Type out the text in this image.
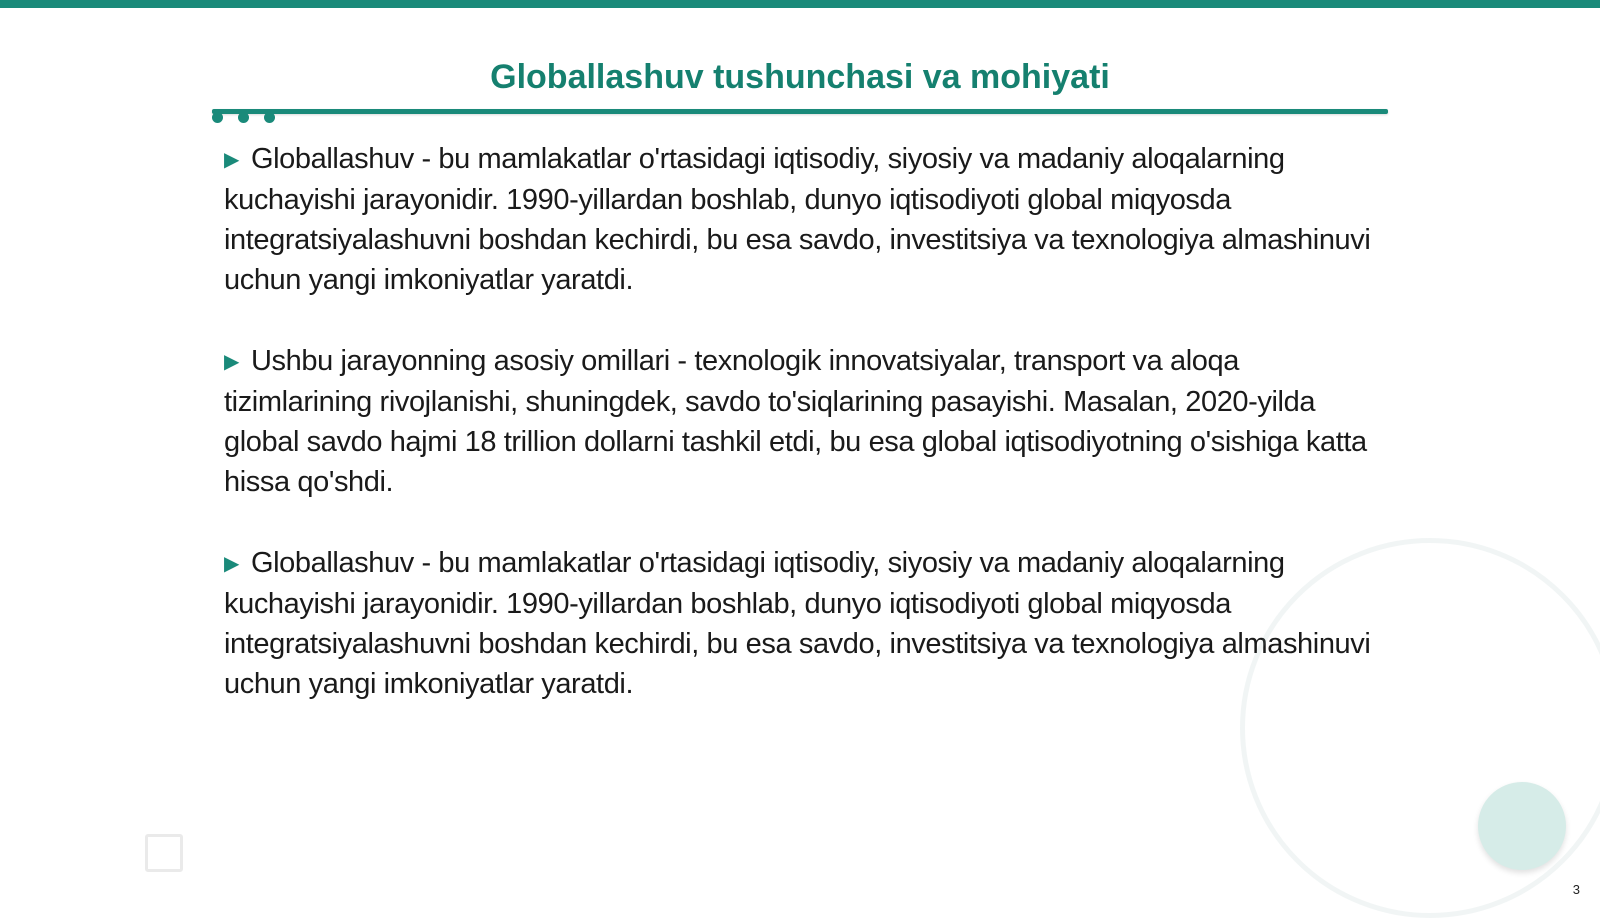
Globallashuv tushunchasi va mohiyati

▶ Globallashuv - bu mamlakatlar o'rtasidagi iqtisodiy, siyosiy va madaniy aloqalarning kuchayishi jarayonidir. 1990-yillardan boshlab, dunyo iqtisodiyoti global miqyosda integratsiyalashuvni boshdan kechirdi, bu esa savdo, investitsiya va texnologiya almashinuvi uchun yangi imkoniyatlar yaratdi.

▶ Ushbu jarayonning asosiy omillari - texnologik innovatsiyalar, transport va aloqa tizimlarining rivojlanishi, shuningdek, savdo to'siqlarining pasayishi. Masalan, 2020-yilda global savdo hajmi 18 trillion dollarni tashkil etdi, bu esa global iqtisodiyotning o'sishiga katta hissa qo'shdi.

▶ Globallashuv - bu mamlakatlar o'rtasidagi iqtisodiy, siyosiy va madaniy aloqalarning kuchayishi jarayonidir. 1990-yillardan boshlab, dunyo iqtisodiyoti global miqyosda integratsiyalashuvni boshdan kechirdi, bu esa savdo, investitsiya va texnologiya almashinuvi uchun yangi imkoniyatlar yaratdi.

3
